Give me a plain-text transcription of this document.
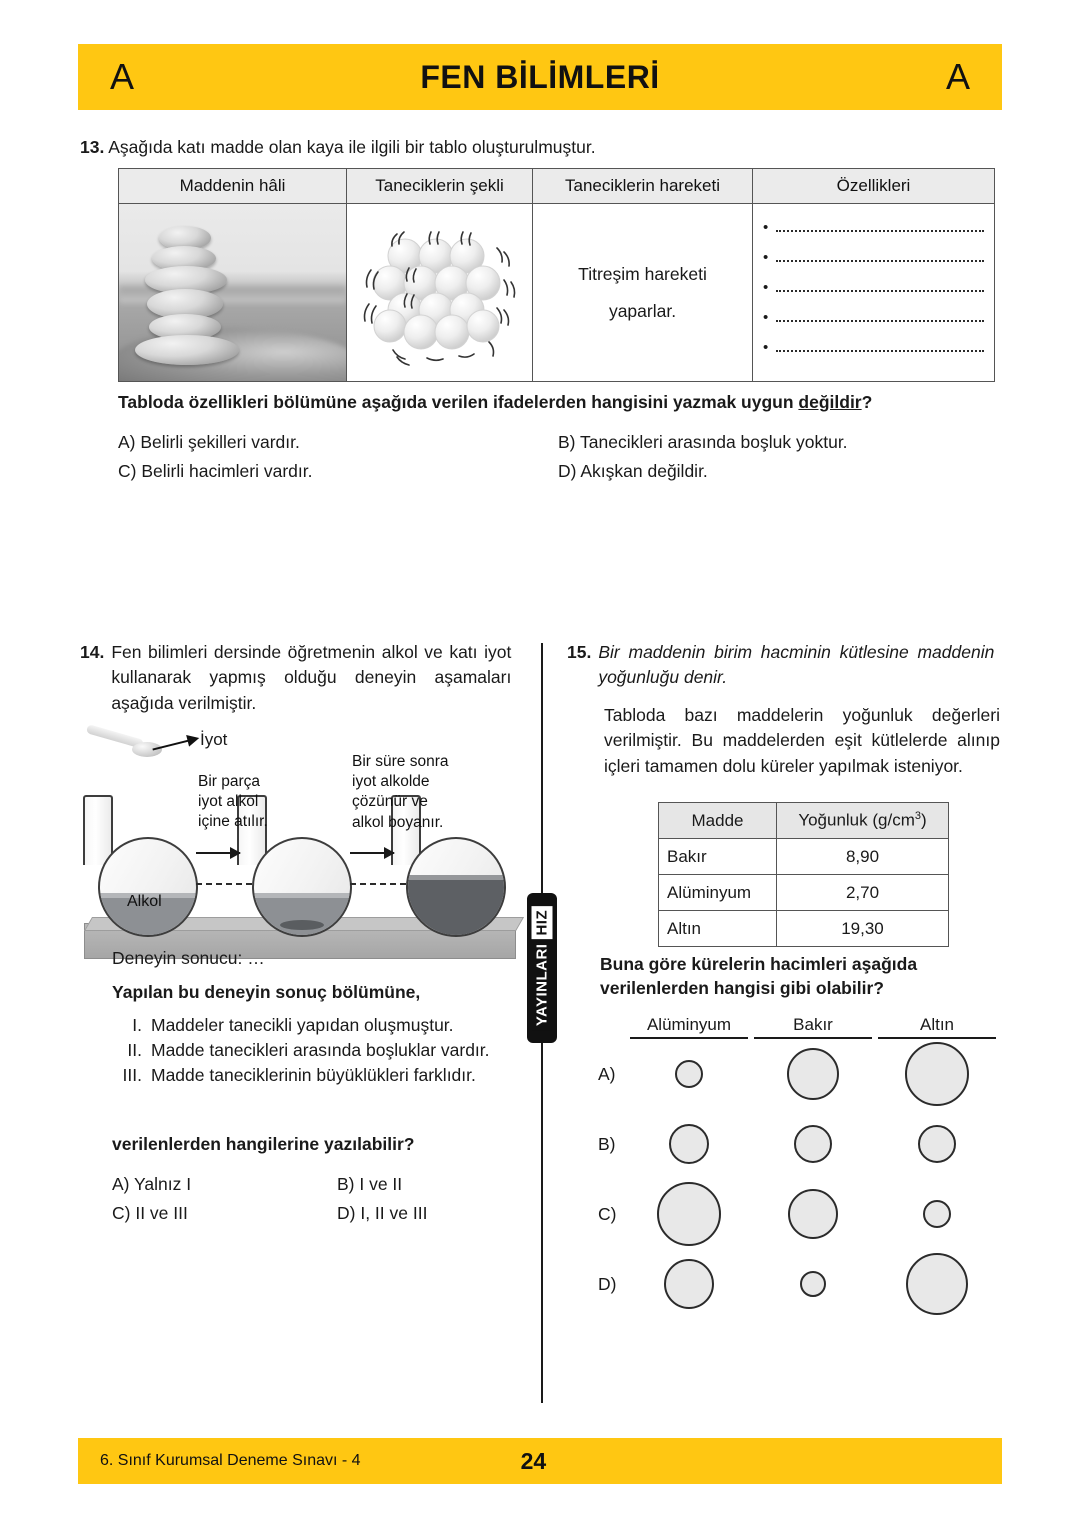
A	FEN BİLİMLERİ	A
13. Aşağıda katı madde olan kaya ile ilgili bir tablo oluşturulmuştur.
Maddenin hâli	Taneciklerin şekli	Taneciklerin hareketi	Özellikleri

Titreşim hareketi
yaparlar.

•
•
•
•
•
Tabloda özellikleri bölümüne aşağıda verilen ifadelerden hangisini yazmak uygun değildir?
A) Belirli şekilleri vardır.	B) Tanecikleri arasında boşluk yoktur.
C) Belirli hacimleri vardır.	D) Akışkan değildir.
YAYINLARI
HIZ
14. Fen bilimleri dersinde öğretmenin alkol ve katı iyot kullanarak yapmış olduğu deneyin aşamaları aşağıda verilmiştir.
İyot
Alkol
Bir parça iyot alkol içine atılır.
Bir süre sonra iyot alkolde çözünür ve alkol boyanır.
Deneyin sonucu: …
Yapılan bu deneyin sonuç bölümüne,
I. Maddeler tanecikli yapıdan oluşmuştur.
II. Madde tanecikleri arasında boşluklar vardır.
III. Madde taneciklerinin büyüklükleri farklıdır.
verilenlerden hangilerine yazılabilir?
A) Yalnız I	B) I ve II
C) II ve III	D) I, II ve III
15. Bir maddenin birim hacminin kütlesine maddenin yoğunluğu denir.
Tabloda bazı maddelerin yoğunluk değerleri verilmiştir. Bu maddelerden eşit kütlelerde alınıp içleri tamamen dolu küreler yapılmak isteniyor.
Madde	Yoğunluk $(g/cm^3)$
Bakır	8,90
Alüminyum	2,70
Altın	19,30
Buna göre kürelerin hacimleri aşağıda verilenlerden hangisi gibi olabilir?
Alüminyum	Bakır	Altın
A)
B)
C)
D)
6. Sınıf Kurumsal Deneme Sınavı - 4	24
